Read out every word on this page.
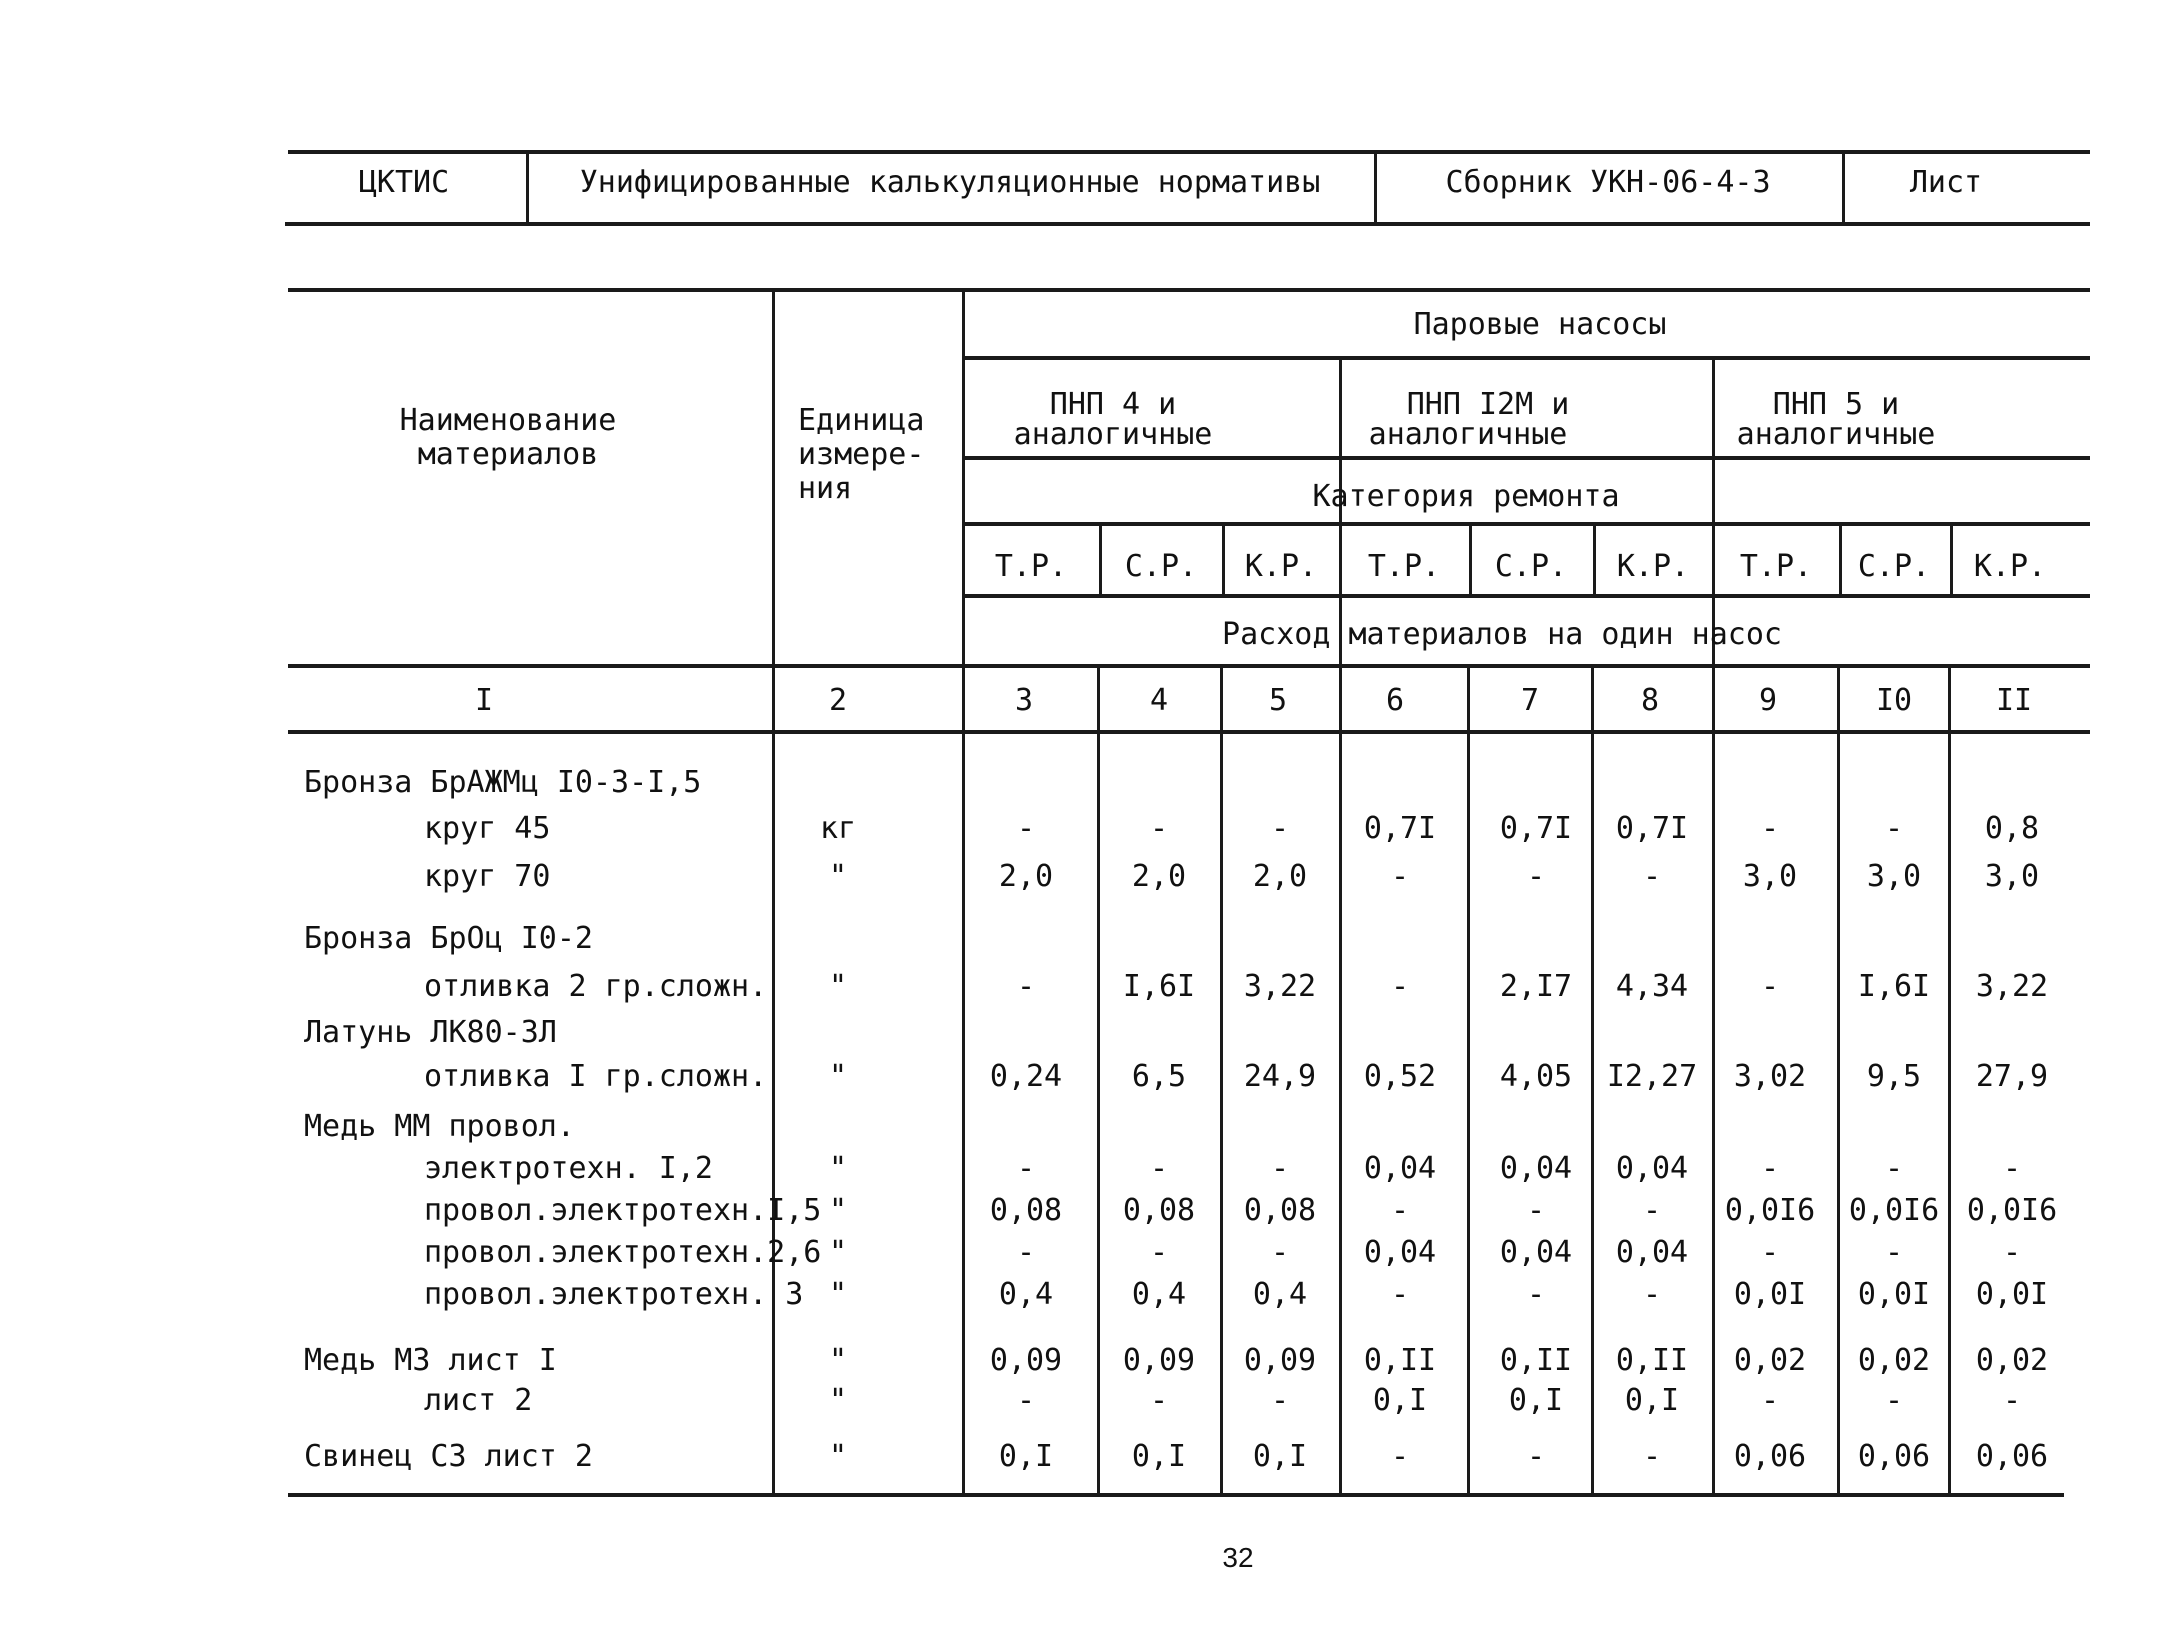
ЦКТИС	Унифицированные калькуляционные нормативы	Сборник УКН-06-4-3	Лист
Наименование
материалов
Единица
измере-
ния
Паровые насосы
ПНП 4 и
аналогичные
ПНП I2M и
аналогичные
ПНП 5 и
аналогичные
Категория ремонта
Т.Р. С.Р. К.Р. Т.Р. С.Р. К.Р. Т.Р. С.Р. К.Р.
Расход материалов на один насос
I	2	3	4	5	6	7	8	9	I0	II
Бронза БрАЖМц I0-3-I,5
круг 45	кг	-	-	- 0,7I 0,7I 0,7I -	-	0,8
круг 70	"	2,0	2,0 2,0	-	-	-	3,0 3,0 3,0
Бронза БрОц I0-2
отливка 2 гр.сложн. "	-	I,6I 3,22 -	2,I7 4,34 -	I,6I 3,22
Латунь ЛК80-3Л
отливка I гр.сложн. "	0,24 6,5 24,9 0,52 4,05 I2,27 3,02 9,5 27,9
Медь ММ провол.
электротехн. I,2	"	-	-	- 0,04 0,04 0,04 -	-	-
провол.электротехн.I,5 "	0,08 0,08 0,08 -	-	- 0,0I6 0,0I6 0,0I6
провол.электротехн.2,6 "	-	-	- 0,04 0,04 0,04 -	-	-
провол.электротехн. 3 "	0,4	0,4 0,4	-	-	- 0,0I 0,0I 0,0I
Медь МЗ лист I	"	0,09 0,09 0,09 0,II 0,II 0,II 0,02 0,02 0,02
лист 2	"	-	-	-	0,I	0,I 0,I	-	-	-
Свинец СЗ лист 2	"	0,I	0,I 0,I	-	-	- 0,06 0,06 0,06
32
